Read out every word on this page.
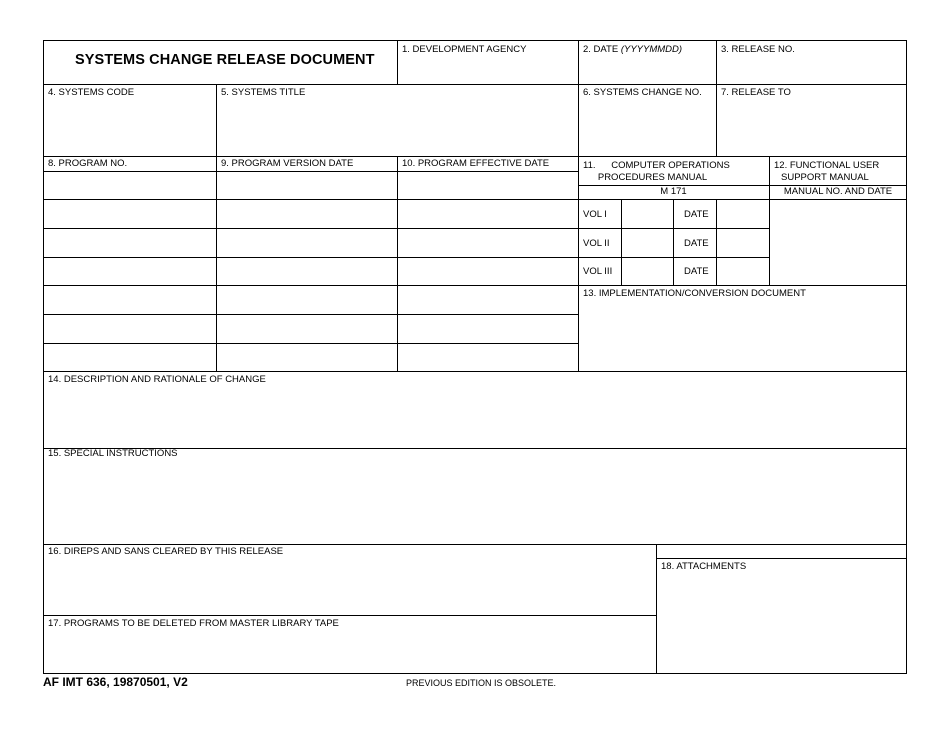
SYSTEMS CHANGE RELEASE DOCUMENT
1. DEVELOPMENT AGENCY	2. DATE (YYYYMMDD)	3. RELEASE NO.
4. SYSTEMS CODE	5. SYSTEMS TITLE	6. SYSTEMS CHANGE NO. 7. RELEASE TO
8. PROGRAM NO.	9. PROGRAM VERSION DATE	10. PROGRAM EFFECTIVE DATE	11.	COMPUTER OPERATIONS
PROCEDURES MANUAL
M 171
12. FUNCTIONAL USER
SUPPORT MANUAL
MANUAL NO. AND DATE
VOL I	DATE
VOL II	DATE
VOL III	DATE
13. IMPLEMENTATION/CONVERSION DOCUMENT
14. DESCRIPTION AND RATIONALE OF CHANGE
15. SPECIAL INSTRUCTIONS
16. DIREPS AND SANS CLEARED BY THIS RELEASE
18. ATTACHMENTS
17. PROGRAMS TO BE DELETED FROM MASTER LIBRARY TAPE
AF IMT 636, 19870501, V2	PREVIOUS EDITION IS OBSOLETE.
